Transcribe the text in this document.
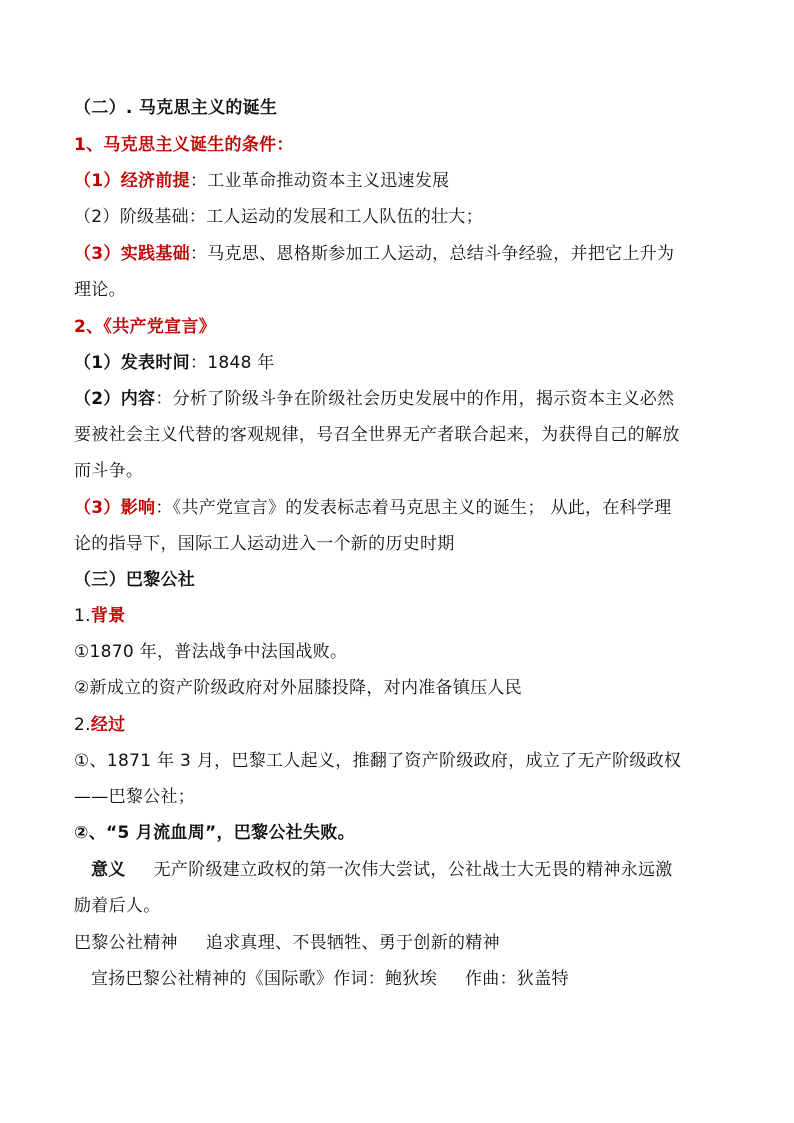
（二）. 马克思主义的诞生
1、马克思主义诞生的条件：
（1）经济前提：工业革命推动资本主义迅速发展
（2）阶级基础：工人运动的发展和工人队伍的壮大；
（3）实践基础：马克思、恩格斯参加工人运动，总结斗争经验，并把它上升为
理论。
2、《共产党宣言》
（1）发表时间：1848 年
（2）内容：分析了阶级斗争在阶级社会历史发展中的作用，揭示资本主义必然
要被社会主义代替的客观规律，号召全世界无产者联合起来，为获得自己的解放
而斗争。
（3）影响：《共产党宣言》的发表标志着马克思主义的诞生； 从此，在科学理
论的指导下，国际工人运动进入一个新的历史时期
（三）巴黎公社
1.背景
①1870 年，普法战争中法国战败。
②新成立的资产阶级政府对外屈膝投降，对内准备镇压人民
2.经过
①、1871 年 3 月，巴黎工人起义，推翻了资产阶级政府，成立了无产阶级政权
——巴黎公社；
②、“5 月流血周”，巴黎公社失败。
意义 无产阶级建立政权的第一次伟大尝试，公社战士大无畏的精神永远激
励着后人。
巴黎公社精神 追求真理、不畏牺牲、勇于创新的精神
宣扬巴黎公社精神的《国际歌》作词：鲍狄埃 作曲：狄盖特
